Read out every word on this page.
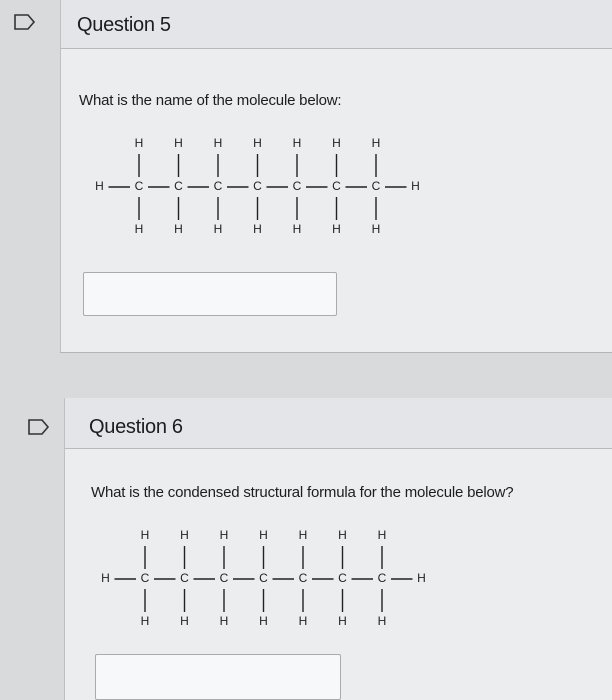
Question 5
What is the name of the molecule below:
H	C
H
H
C
H
H
C
H
H
C
H
H
C
H
H
C
H
H
C
H
H
H
Question 6
What is the condensed structural formula for the molecule below?
H	C
H
H
C
H
H
C
H
H
C
H
H
C
H
H
C
H
H
C
H
H
H
